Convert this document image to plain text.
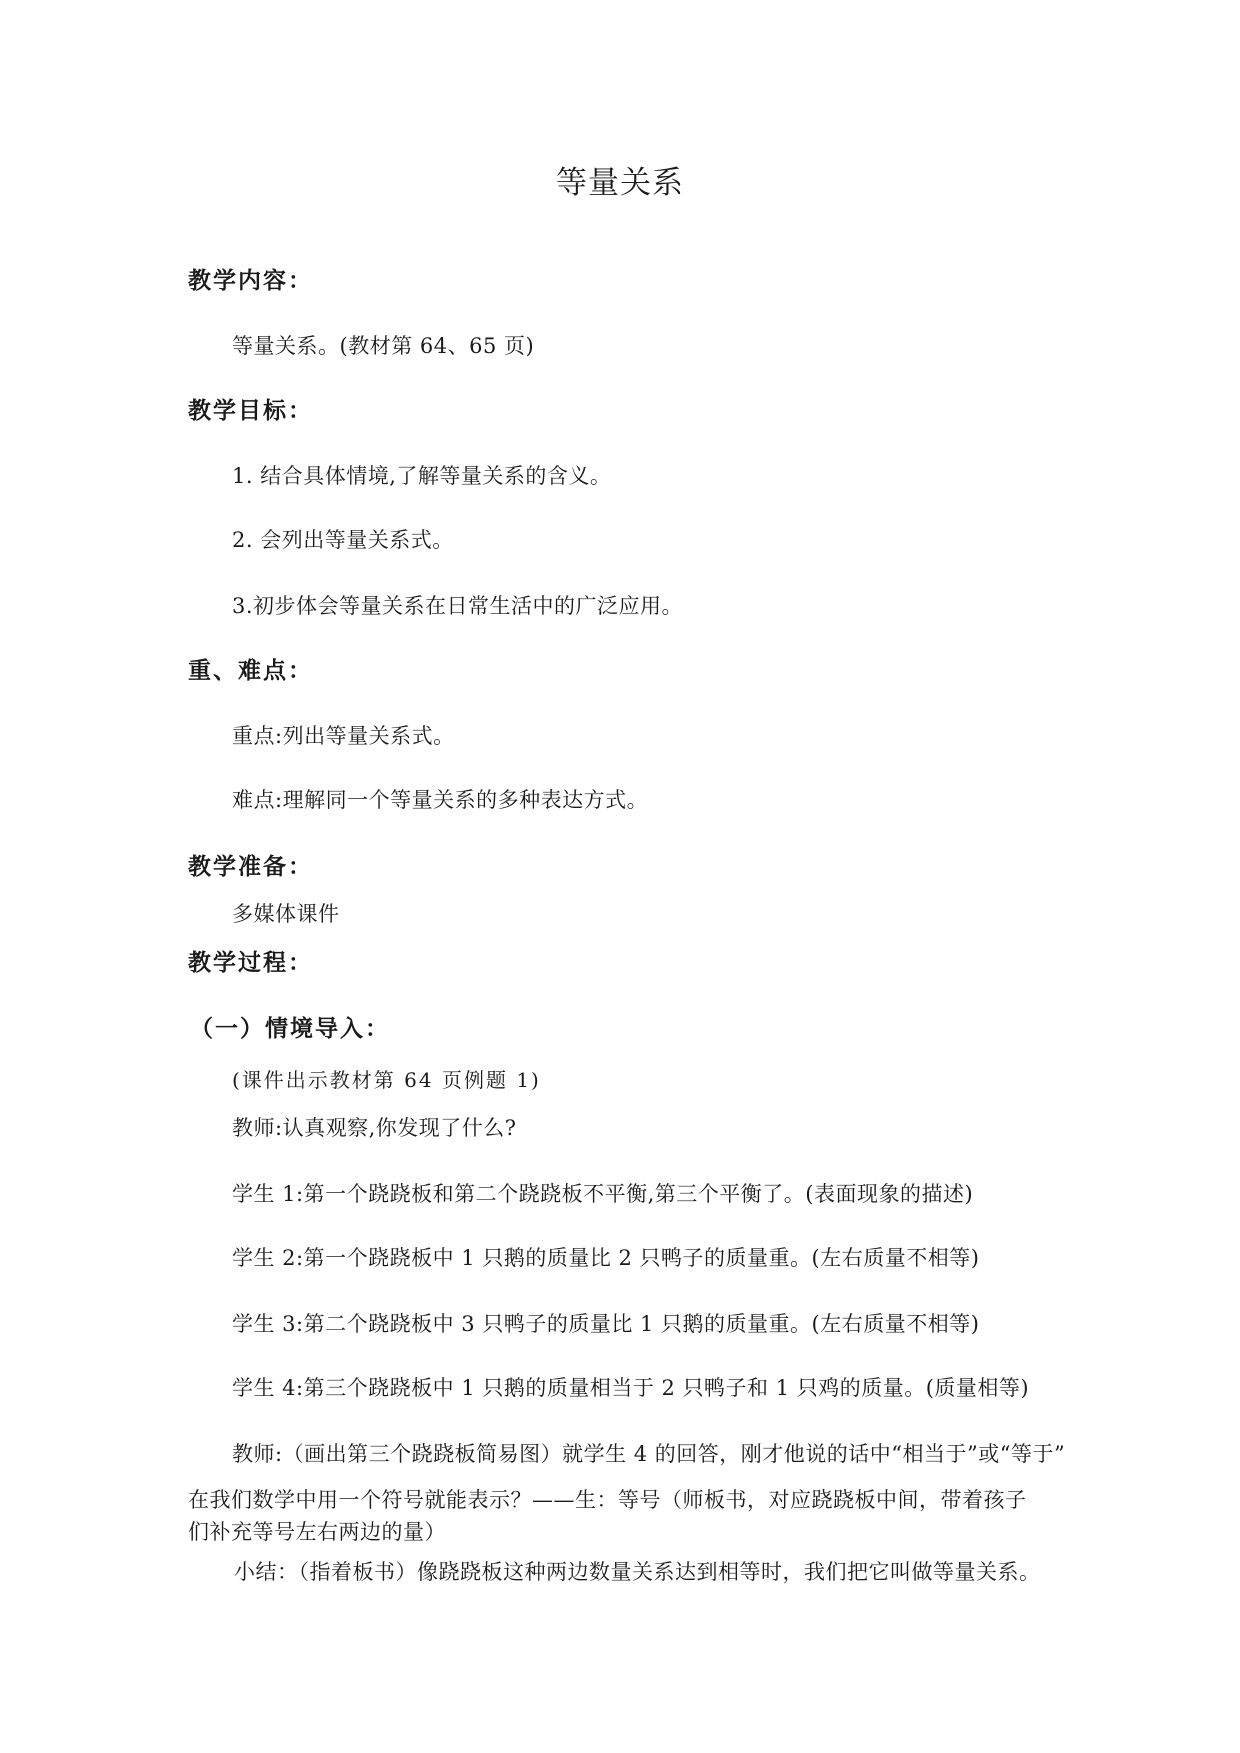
等量关系
教学内容：
等量关系。(教材第 64、65 页)
教学目标：
1. 结合具体情境,了解等量关系的含义。
2. 会列出等量关系式。
3.初步体会等量关系在日常生活中的广泛应用。
重、难点：
重点:列出等量关系式。
难点:理解同一个等量关系的多种表达方式。
教学准备：
多媒体课件
教学过程：
（一）情境导入：
(课件出示教材第 64 页例题 1)
教师:认真观察,你发现了什么?
学生 1:第一个跷跷板和第二个跷跷板不平衡,第三个平衡了。(表面现象的描述)
学生 2:第一个跷跷板中 1 只鹅的质量比 2 只鸭子的质量重。(左右质量不相等)
学生 3:第二个跷跷板中 3 只鸭子的质量比 1 只鹅的质量重。(左右质量不相等)
学生 4:第三个跷跷板中 1 只鹅的质量相当于 2 只鸭子和 1 只鸡的质量。(质量相等)
教师:（画出第三个跷跷板简易图）就学生 4 的回答，刚才他说的话中“相当于”或“等于”
在我们数学中用一个符号就能表示？——生：等号（师板书，对应跷跷板中间，带着孩子
们补充等号左右两边的量）
小结：（指着板书）像跷跷板这种两边数量关系达到相等时，我们把它叫做等量关系。
